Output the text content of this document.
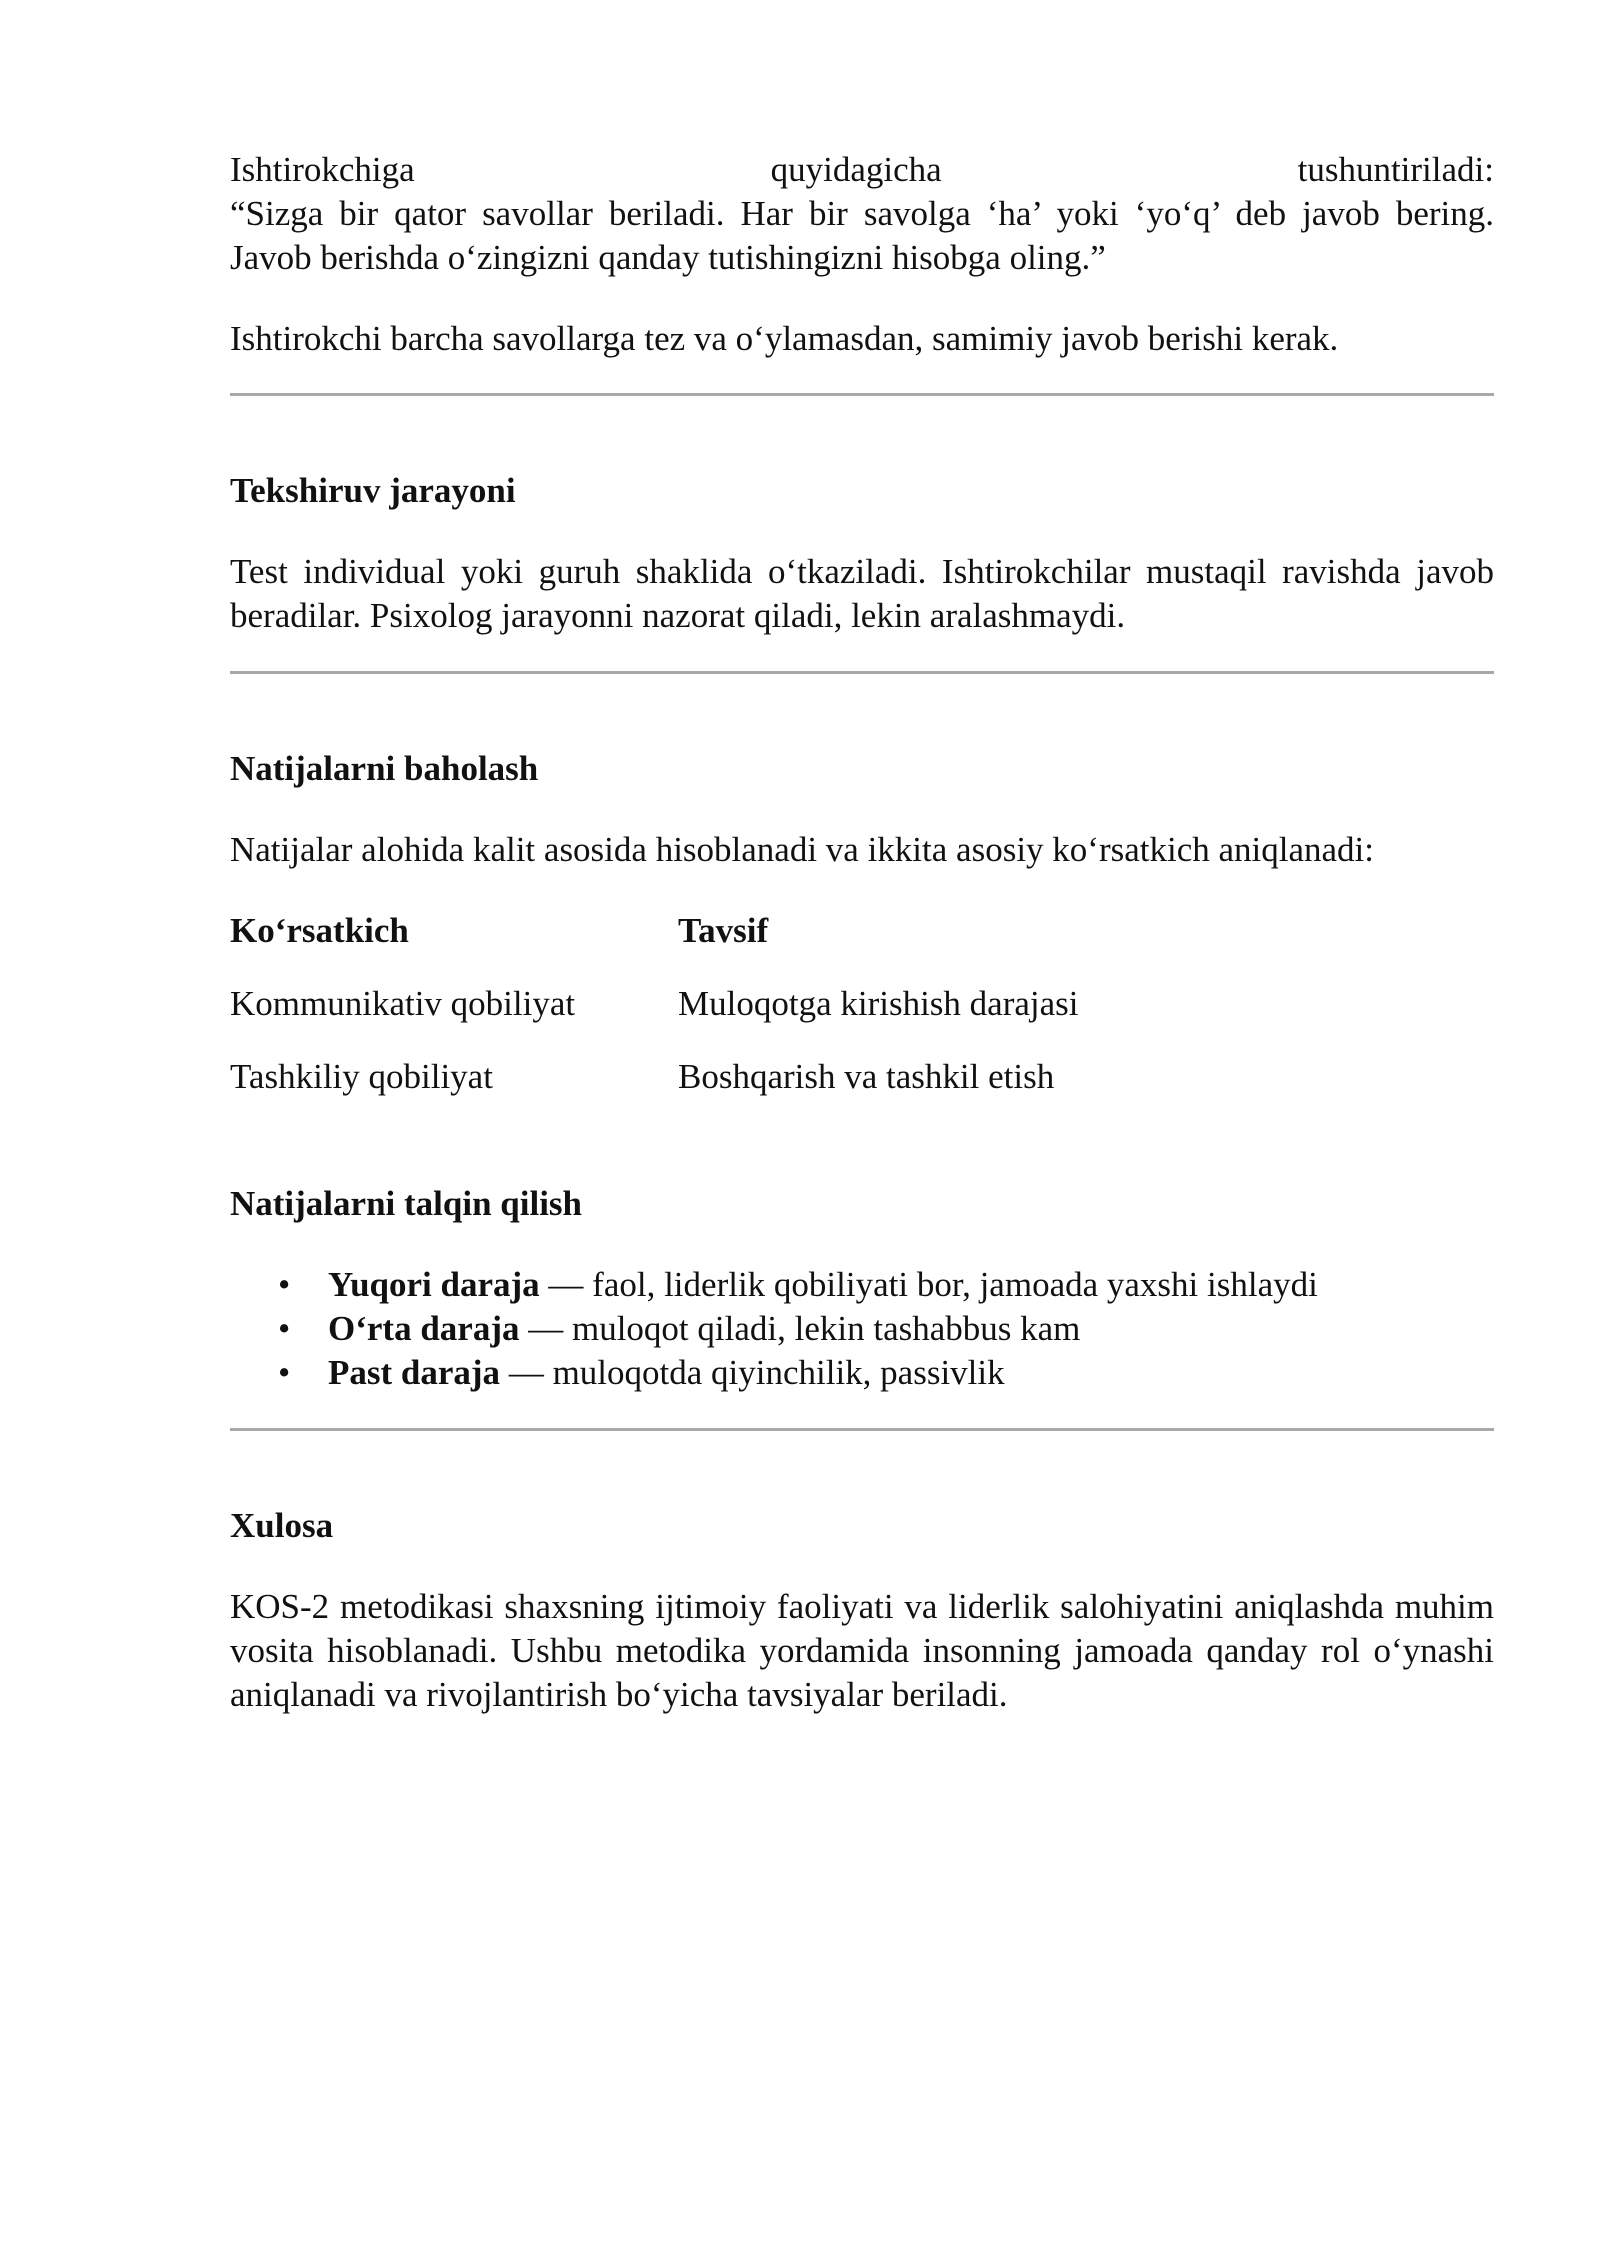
Ishtirokchiga	quyidagicha	tushuntiriladi:

“Sizga bir qator savollar beriladi. Har bir savolga ‘ha’ yoki ‘yo‘q’ deb javob bering.

Javob berishda o‘zingizni qanday tutishingizni hisobga oling.”

Ishtirokchi barcha savollarga tez va o‘ylamasdan, samimiy javob berishi kerak.

Tekshiruv jarayoni

Test individual yoki guruh shaklida o‘tkaziladi. Ishtirokchilar mustaqil ravishda javob beradilar. Psixolog jarayonni nazorat qiladi, lekin aralashmaydi.

Natijalarni baholash

Natijalar alohida kalit asosida hisoblanadi va ikkita asosiy ko‘rsatkich aniqlanadi:

Ko‘rsatkich	Tavsif
Kommunikativ qobiliyat	Muloqotga kirishish darajasi
Tashkiliy qobiliyat	Boshqarish va tashkil etish
Natijalarni talqin qilish
• Yuqori daraja — faol, liderlik qobiliyati bor, jamoada yaxshi ishlaydi
• O‘rta daraja — muloqot qiladi, lekin tashabbus kam
• Past daraja — muloqotda qiyinchilik, passivlik
Xulosa

KOS-2 metodikasi shaxsning ijtimoiy faoliyati va liderlik salohiyatini aniqlashda muhim vosita hisoblanadi. Ushbu metodika yordamida insonning jamoada qanday rol o‘ynashi aniqlanadi va rivojlantirish bo‘yicha tavsiyalar beriladi.
